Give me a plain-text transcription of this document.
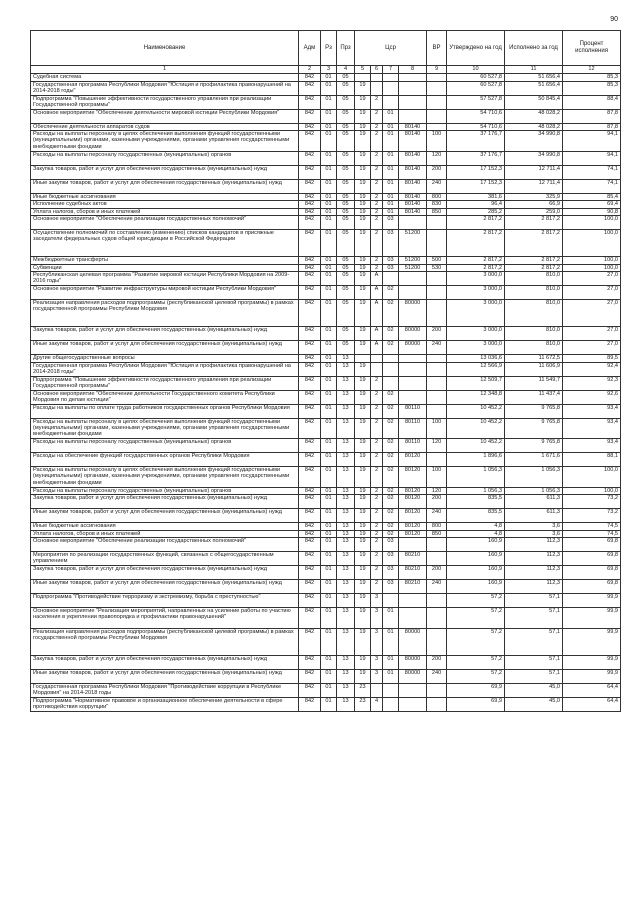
90
Наименование	Адм	Рз	Прз	Цср				ВР	Утверждено на год	Исполнено за год	Процент исполнения
1	2	3	4	5	6	7	8	9	10	11	12
Судебная система	842	01	05						60 527,8	51 656,4	85,3
Государственная программа Республики Мордовия "Юстиция и профилактика правонарушений на 2014-2018 годы"	842	01	05	19					60 527,8	51 656,4	85,3
Подпрограмма "Повышение эффективности государственного управления при реализации Государственной программы"	842	01	05	19	2				57 527,8	50 845,4	88,4
Основное мероприятие "Обеспечение деятельности мировой юстиции Республики Мордовия"	842	01	05	19	2	01			54 710,6	48 028,2	87,8
Обеспечение деятельности аппаратов судов	842	01	05	19	2	01	80140		54 710,6	48 028,2	87,8
Расходы на выплаты персоналу в целях обеспечения выполнения функций государственными (муниципальными) органами, казенными учреждениями, органами управления государственными внебюджетными фондами	842	01	05	19	2	01	80140	100	37 176,7	34 990,8	94,1
Расходы на выплаты персоналу государственных (муниципальных) органов	842	01	05	19	2	01	80140	120	37 176,7	34 990,8	94,1
Закупка товаров, работ и услуг для обеспечения государственных (муниципальных) нужд	842	01	05	19	2	01	80140	200	17 152,3	12 711,4	74,1
Иные закупки товаров, работ и услуг для обеспечения государственных (муниципальных) нужд	842	01	05	19	2	01	80140	240	17 152,3	12 711,4	74,1
Иные бюджетные ассигнования	842	01	05	19	2	01	80140	800	381,6	325,9	85,4
Исполнение судебных актов	842	01	05	19	2	01	80140	830	96,4	66,9	69,4
Уплата налогов, сборов и иных платежей	842	01	05	19	2	01	80140	850	285,2	259,0	90,8
Основное мероприятие "Обеспечение реализации государственных полномочий"	842	01	05	19	2	03			2 817,2	2 817,2	100,0
Осуществление полномочий по составлению (изменению) списков кандидатов в присяжные заседатели федеральных судов общей юрисдикции в Российской Федерации	842	01	05	19	2	03	51200		2 817,2	2 817,2	100,0
Межбюджетные трансферты	842	01	05	19	2	03	51200	500	2 817,2	2 817,2	100,0
Субвенции	842	01	05	19	2	03	51200	530	2 817,2	2 817,2	100,0
Республиканская целевая программа "Развитие мировой юстиции Республики Мордовия на 2009- 2016 годы"	842	01	05	19	А				3 000,0	810,0	27,0
Основное мероприятие "Развитие инфраструктуры мировой юстиции Республики Мордовия"	842	01	05	19	А	02			3 000,0	810,0	27,0
Реализация направления расходов подпрограммы (республиканской целевой программы) в рамках государственной программы Республики Мордовия	842	01	05	19	А	02	80000		3 000,0	810,0	27,0
Закупка товаров, работ и услуг для обеспечения государственных (муниципальных) нужд	842	01	05	19	А	02	80000	200	3 000,0	810,0	27,0
Иные закупки товаров, работ и услуг для обеспечения государственных (муниципальных) нужд	842	01	05	19	А	02	80000	240	3 000,0	810,0	27,0
Другие общегосударственные вопросы	842	01	13						13 036,6	11 672,5	89,5
Государственная программа Республики Мордовия "Юстиция и профилактика правонарушений на 2014-2018 годы"	842	01	13	19					12 566,9	11 606,9	92,4
Подпрограмма "Повышение эффективности государственного управления при реализации Государственной программы"	842	01	13	19	2				12 509,7	11 549,7	92,3
Основное мероприятие "Обеспечение деятельности Государственного комитета Республики Мордовия по делам юстиции"	842	01	13	19	2	02			12 348,8	11 437,4	92,6
Расходы на выплаты по оплате труда работников государственных органов Республики Мордовия	842	01	13	19	2	02	80110		10 452,2	9 765,8	93,4
Расходы на выплаты персоналу в целях обеспечения выполнения функций государственными (муниципальными) органами, казенными учреждениями, органами управления государственными внебюджетными фондами	842	01	13	19	2	02	80110	100	10 452,2	9 765,8	93,4
Расходы на выплаты персоналу государственных (муниципальных) органов	842	01	13	19	2	02	80110	120	10 452,2	9 765,8	93,4
Расходы на обеспечение функций государственных органов Республики Мордовия	842	01	13	19	2	02	80120		1 896,6	1 671,6	88,1
Расходы на выплаты персоналу в целях обеспечения выполнения функций государственными (муниципальными) органами, казенными учреждениями, органами управления государственными внебюджетными фондами	842	01	13	19	2	02	80120	100	1 056,3	1 056,3	100,0
Расходы на выплаты персоналу государственных (муниципальных) органов	842	01	13	19	2	02	80120	120	1 056,3	1 056,3	100,0
Закупка товаров, работ и услуг для обеспечения государственных (муниципальных) нужд	842	01	13	19	2	02	80120	200	835,5	611,3	73,2
Иные закупки товаров, работ и услуг для обеспечения государственных (муниципальных) нужд	842	01	13	19	2	02	80120	240	835,5	611,3	73,2
Иные бюджетные ассигнования	842	01	13	19	2	02	80120	800	4,8	3,6	74,5
Уплата налогов, сборов и иных платежей	842	01	13	19	2	02	80120	850	4,8	3,6	74,5
Основное мероприятие "Обеспечение реализации государственных полномочий"	842	01	13	19	2	03			160,9	112,3	69,8
Мероприятия по реализации государственных функций, связанных с общегосударственным управлением	842	01	13	19	2	03	80210		160,9	112,3	69,8
Закупка товаров, работ и услуг для обеспечения государственных (муниципальных) нужд	842	01	13	19	2	03	80210	200	160,9	112,3	69,8
Иные закупки товаров, работ и услуг для обеспечения государственных (муниципальных) нужд	842	01	13	19	2	03	80210	240	160,9	112,3	69,8
Подпрограмма "Противодействие терроризму и экстремизму, борьба с преступностью"	842	01	13	19	3				57,2	57,1	99,9
Основное мероприятие "Реализация мероприятий, направленных на усиление работы по участию населения в укреплении правопорядка и профилактики правонарушений"	842	01	13	19	3	01			57,2	57,1	99,9
Реализация направления расходов подпрограммы (республиканской целевой программы) в рамках государственной программы Республики Мордовия	842	01	13	19	3	01	80000		57,2	57,1	99,9
Закупка товаров, работ и услуг для обеспечения государственных (муниципальных) нужд	842	01	13	19	3	01	80000	200	57,2	57,1	99,9
Иные закупки товаров, работ и услуг для обеспечения государственных (муниципальных) нужд	842	01	13	19	3	01	80000	240	57,2	57,1	99,9
Государственная программа Республики Мордовия "Противодействие коррупции в Республике Мордовия" на 2014-2018 годы	842	01	13	23					69,9	45,0	64,4
Подпрограмма "Нормативное правовое и организационное обеспечение деятельности в сфере противодействия коррупции"	842	01	13	23	4				69,9	45,0	64,4
